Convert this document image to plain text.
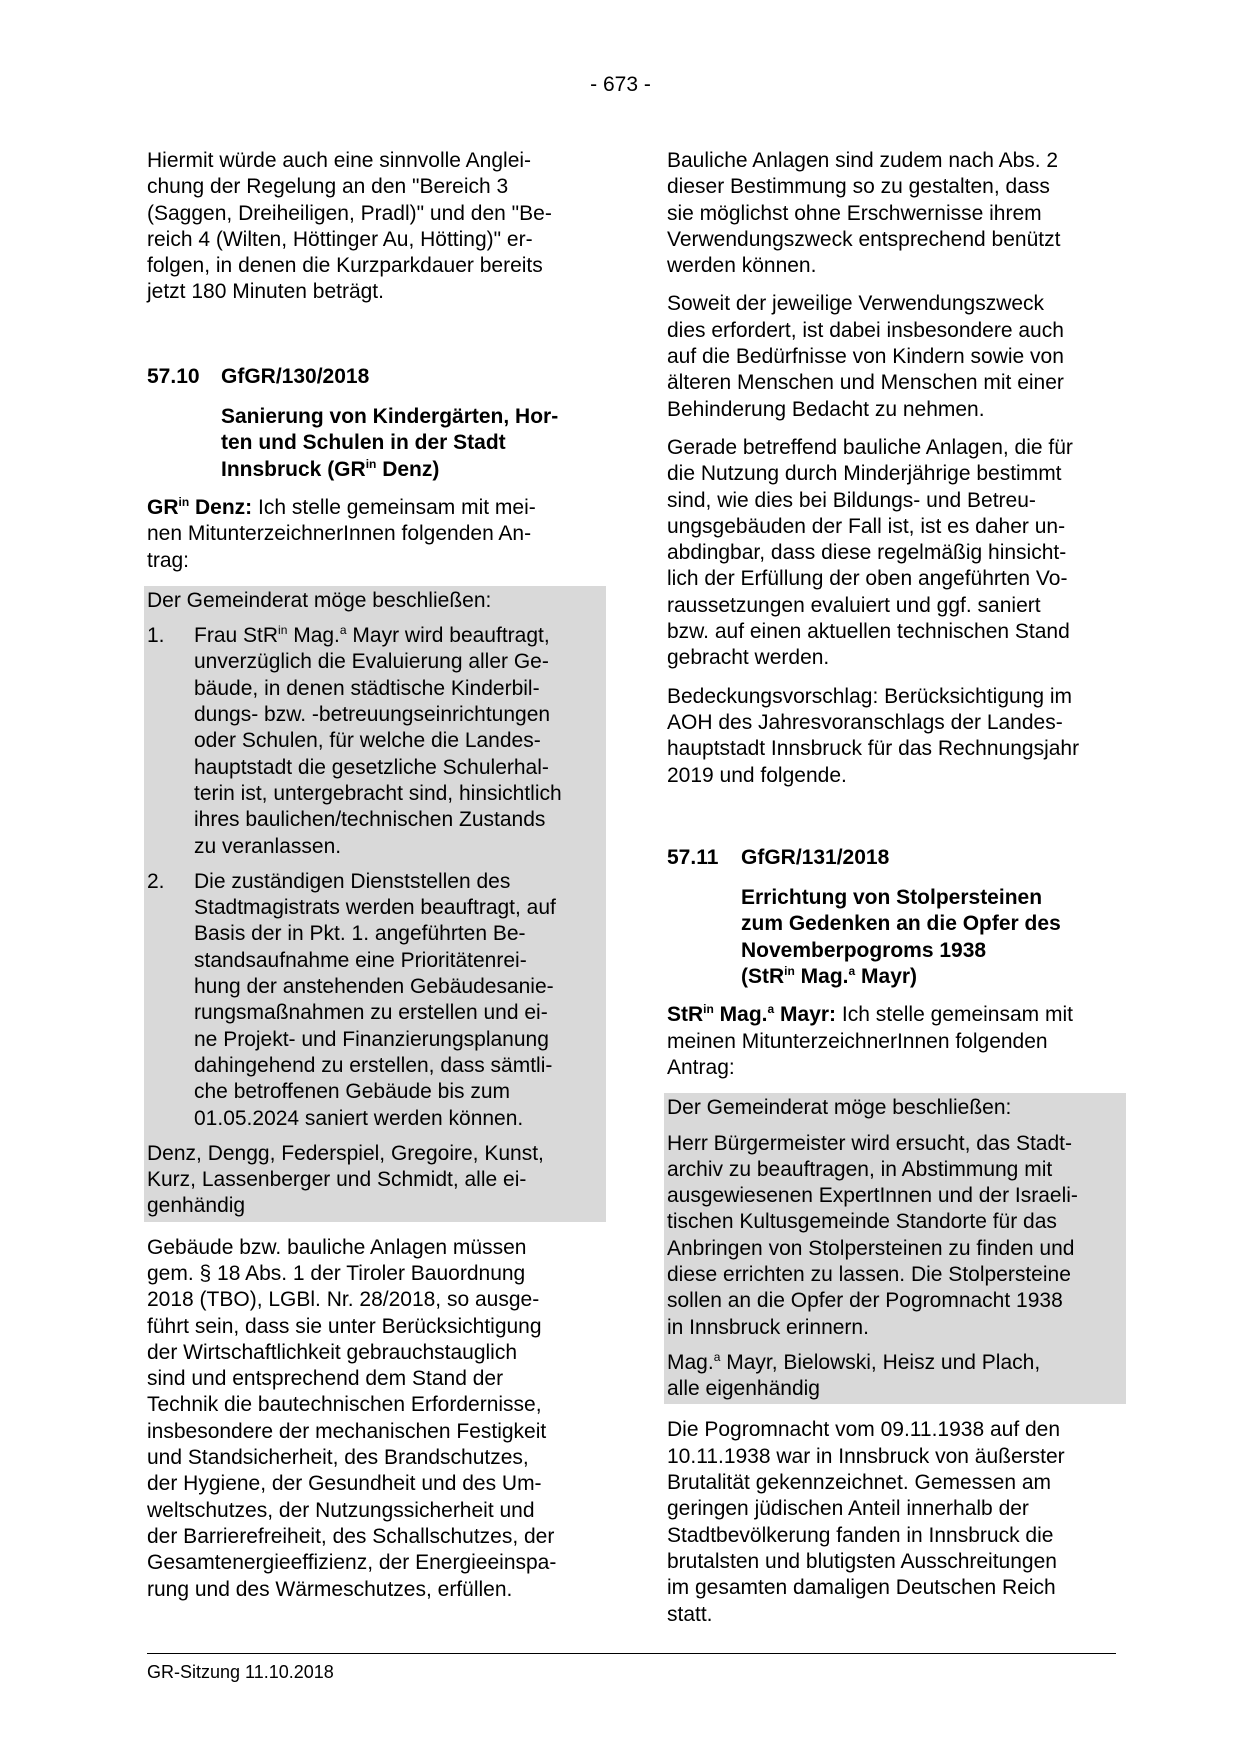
- 673 -

Hiermit würde auch eine sinnvolle Anglei-
chung der Regelung an den "Bereich 3
(Saggen, Dreiheiligen, Pradl)" und den "Be-
reich 4 (Wilten, Höttinger Au, Hötting)" er-
folgen, in denen die Kurzparkdauer bereits
jetzt 180 Minuten beträgt.

57.10	GfGR/130/2018
Sanierung von Kindergärten, Hor-
ten und Schulen in der Stadt
Innsbruck ($GR^{in}$ Denz)

$GR^{in}$ Denz: Ich stelle gemeinsam mit mei-
nen MitunterzeichnerInnen folgenden An-
trag:

Der Gemeinderat möge beschließen:

1.	Frau StR$^{in}$ Mag.$^a$ Mayr wird beauftragt,
unverzüglich die Evaluierung aller Ge-
bäude, in denen städtische Kinderbil-
dungs- bzw. -betreuungseinrichtungen
oder Schulen, für welche die Landes-
hauptstadt die gesetzliche Schulerhal-
terin ist, untergebracht sind, hinsichtlich
ihres baulichen/technischen Zustands
zu veranlassen.
2.	Die zuständigen Dienststellen des
Stadtmagistrats werden beauftragt, auf
Basis der in Pkt. 1. angeführten Be-
standsaufnahme eine Prioritätenrei-
hung der anstehenden Gebäudesanie-
rungsmaßnahmen zu erstellen und ei-
ne Projekt- und Finanzierungsplanung
dahingehend zu erstellen, dass sämtli-
che betroffenen Gebäude bis zum
01.05.2024 saniert werden können.

Denz, Dengg, Federspiel, Gregoire, Kunst,
Kurz, Lassenberger und Schmidt, alle ei-
genhändig

Gebäude bzw. bauliche Anlagen müssen
gem. § 18 Abs. 1 der Tiroler Bauordnung
2018 (TBO), LGBl. Nr. 28/2018, so ausge-
führt sein, dass sie unter Berücksichtigung
der Wirtschaftlichkeit gebrauchstauglich
sind und entsprechend dem Stand der
Technik die bautechnischen Erfordernisse,
insbesondere der mechanischen Festigkeit
und Standsicherheit, des Brandschutzes,
der Hygiene, der Gesundheit und des Um-
weltschutzes, der Nutzungssicherheit und
der Barrierefreiheit, des Schallschutzes, der
Gesamtenergieeffizienz, der Energieeinspa-
rung und des Wärmeschutzes, erfüllen.

Bauliche Anlagen sind zudem nach Abs. 2
dieser Bestimmung so zu gestalten, dass
sie möglichst ohne Erschwernisse ihrem
Verwendungszweck entsprechend benützt
werden können.

Soweit der jeweilige Verwendungszweck
dies erfordert, ist dabei insbesondere auch
auf die Bedürfnisse von Kindern sowie von
älteren Menschen und Menschen mit einer
Behinderung Bedacht zu nehmen.

Gerade betreffend bauliche Anlagen, die für
die Nutzung durch Minderjährige bestimmt
sind, wie dies bei Bildungs- und Betreu-
ungsgebäuden der Fall ist, ist es daher un-
abdingbar, dass diese regelmäßig hinsicht-
lich der Erfüllung der oben angeführten Vo-
raussetzungen evaluiert und ggf. saniert
bzw. auf einen aktuellen technischen Stand
gebracht werden.

Bedeckungsvorschlag: Berücksichtigung im
AOH des Jahresvoranschlags der Landes-
hauptstadt Innsbruck für das Rechnungsjahr
2019 und folgende.

57.11	GfGR/131/2018
Errichtung von Stolpersteinen
zum Gedenken an die Opfer des
Novemberpogroms 1938
(StR$^{in}$ Mag.$^a$ Mayr)

StR$^{in}$ Mag.$^a$ Mayr: Ich stelle gemeinsam mit
meinen MitunterzeichnerInnen folgenden
Antrag:

Der Gemeinderat möge beschließen:

Herr Bürgermeister wird ersucht, das Stadt-
archiv zu beauftragen, in Abstimmung mit
ausgewiesenen ExpertInnen und der Israeli-
tischen Kultusgemeinde Standorte für das
Anbringen von Stolpersteinen zu finden und
diese errichten zu lassen. Die Stolpersteine
sollen an die Opfer der Pogromnacht 1938
in Innsbruck erinnern.

Mag.$^a$ Mayr, Bielowski, Heisz und Plach,
alle eigenhändig

Die Pogromnacht vom 09.11.1938 auf den
10.11.1938 war in Innsbruck von äußerster
Brutalität gekennzeichnet. Gemessen am
geringen jüdischen Anteil innerhalb der
Stadtbevölkerung fanden in Innsbruck die
brutalsten und blutigsten Ausschreitungen
im gesamten damaligen Deutschen Reich
statt.

GR-Sitzung 11.10.2018
